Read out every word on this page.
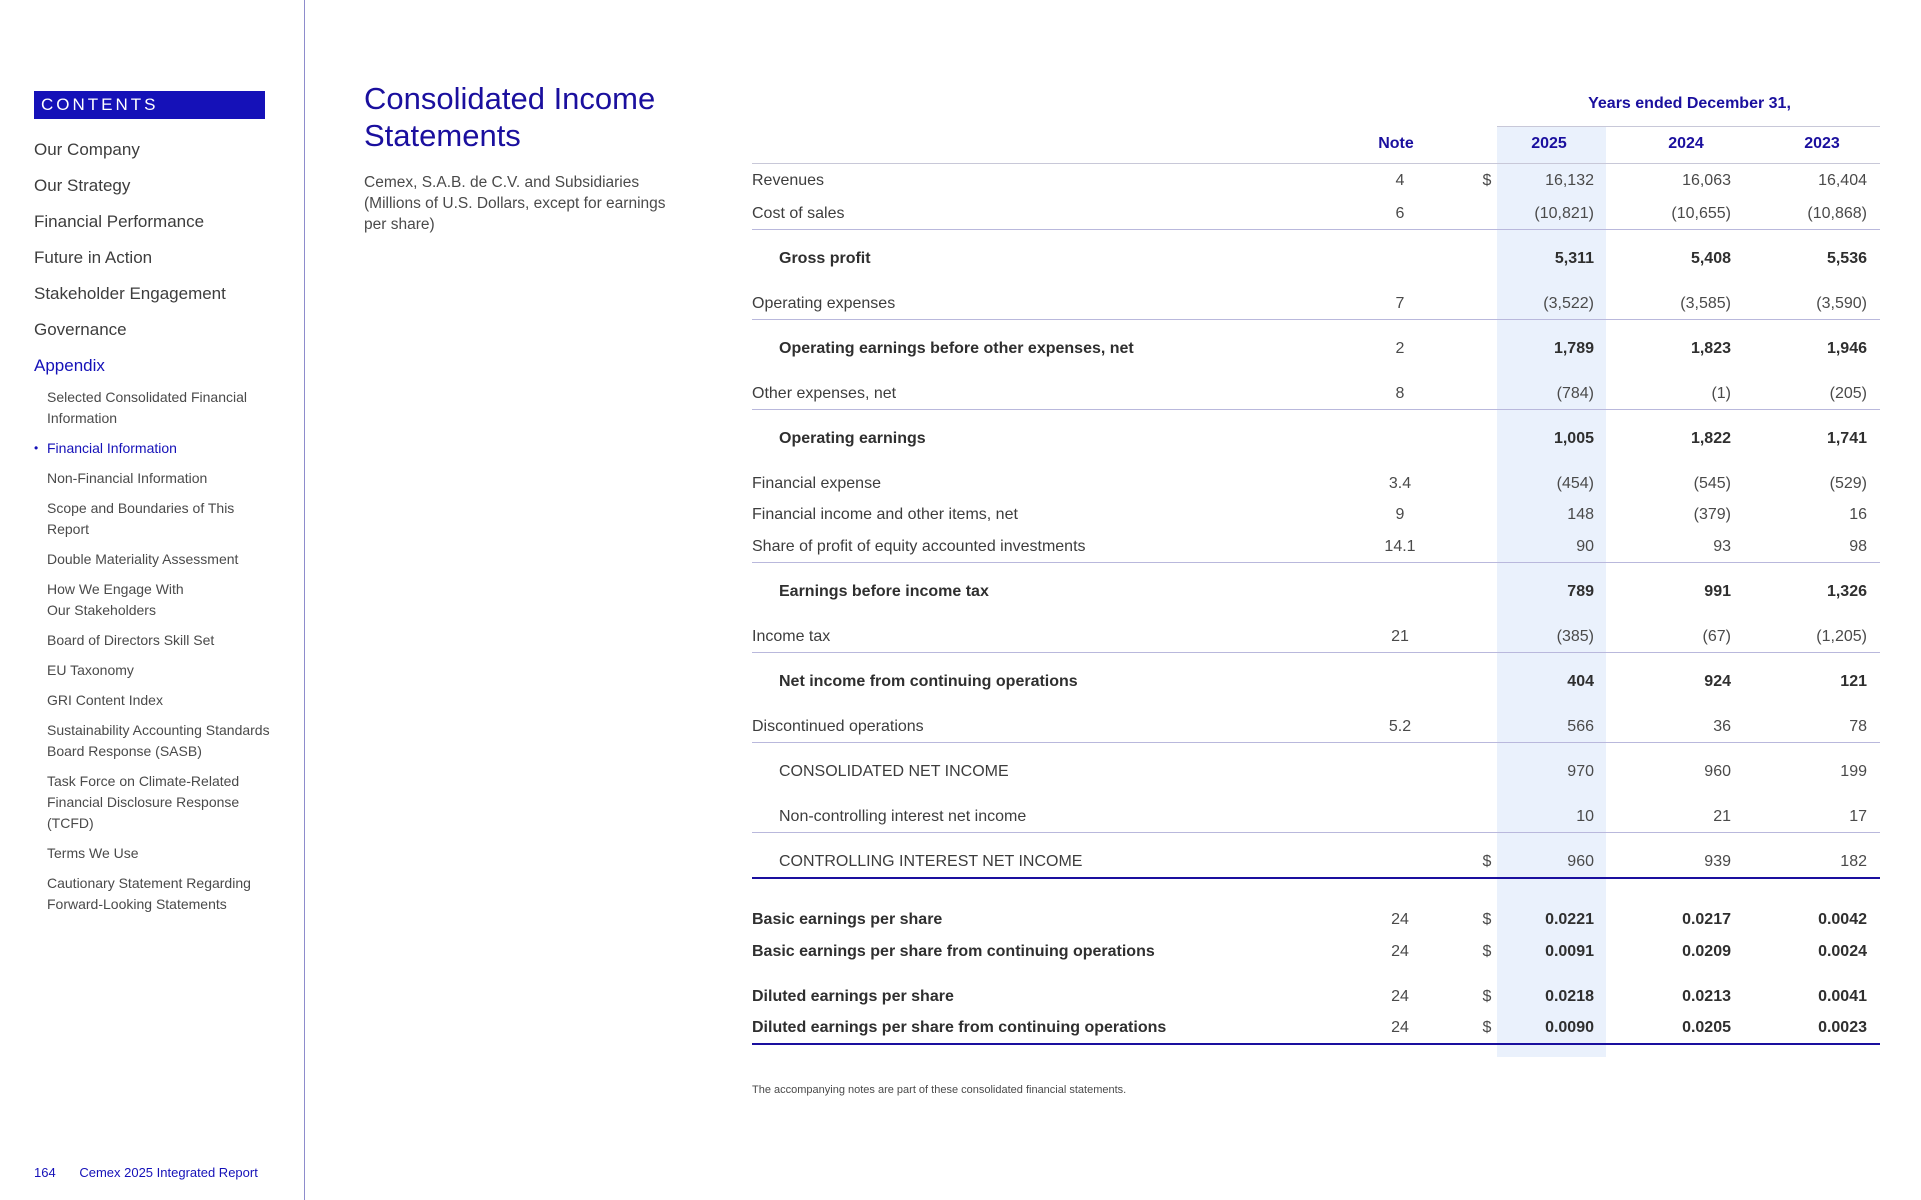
CONTENTS
Our Company
Our Strategy
Financial Performance
Future in Action
Stakeholder Engagement
Governance
Appendix
Selected Consolidated Financial Information
• Financial Information
Non-Financial Information
Scope and Boundaries of This Report
Double Materiality Assessment
How We Engage With Our Stakeholders
Board of Directors Skill Set
EU Taxonomy
GRI Content Index
Sustainability Accounting Standards Board Response (SASB)
Task Force on Climate-Related Financial Disclosure Response (TCFD)
Terms We Use
Cautionary Statement Regarding Forward-Looking Statements
164 Cemex 2025 Integrated Report
Consolidated Income Statements
Cemex, S.A.B. de C.V. and Subsidiaries (Millions of U.S. Dollars, except for earnings per share)
Years ended December 31,
Note	2025	2024	2023
Revenues	4	$	16,132	16,063	16,404
Cost of sales	6	(10,821)	(10,655)	(10,868)
Gross profit	5,311	5,408	5,536
Operating expenses	7	(3,522)	(3,585)	(3,590)
Operating earnings before other expenses, net	2	1,789	1,823	1,946
Other expenses, net	8	(784)	(1)	(205)
Operating earnings	1,005	1,822	1,741
Financial expense	3.4	(454)	(545)	(529)
Financial income and other items, net	9	148	(379)	16
Share of profit of equity accounted investments	14.1	90	93	98
Earnings before income tax	789	991	1,326
Income tax	21	(385)	(67)	(1,205)
Net income from continuing operations	404	924	121
Discontinued operations	5.2	566	36	78
CONSOLIDATED NET INCOME	970	960	199
Non-controlling interest net income	10	21	17
CONTROLLING INTEREST NET INCOME	$	960	939	182
Basic earnings per share	24	$	0.0221	0.0217	0.0042
Basic earnings per share from continuing operations	24	$	0.0091	0.0209	0.0024
Diluted earnings per share	24	$	0.0218	0.0213	0.0041
Diluted earnings per share from continuing operations	24	$	0.0090	0.0205	0.0023
The accompanying notes are part of these consolidated financial statements.
